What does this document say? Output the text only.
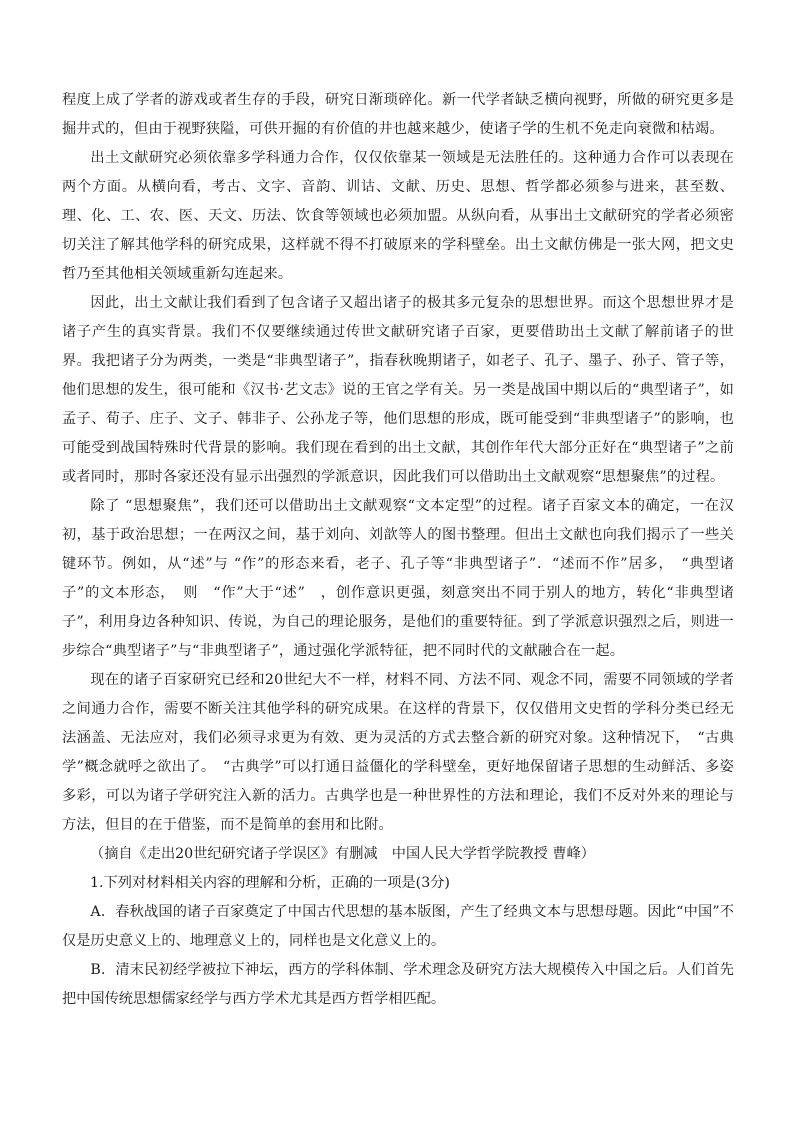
程度上成了学者的游戏或者生存的手段，研究日渐琐碎化。新一代学者缺乏横向视野，所做的研究更多是掘井式的，但由于视野狭隘，可供开掘的有价值的井也越来越少，使诸子学的生机不免走向衰微和枯竭。

出土文献研究必须依靠多学科通力合作，仅仅依靠某一领域是无法胜任的。这种通力合作可以表现在两个方面。从横向看，考古、文字、音韵、训诂、文献、历史、思想、哲学都必须参与进来，甚至数、理、化、工、农、医、天文、历法、饮食等领域也必须加盟。从纵向看，从事出土文献研究的学者必须密切关注了解其他学科的研究成果，这样就不得不打破原来的学科壁垒。出土文献仿佛是一张大网，把文史哲乃至其他相关领域重新勾连起来。

因此，出土文献让我们看到了包含诸子又超出诸子的极其多元复杂的思想世界。而这个思想世界才是诸子产生的真实背景。我们不仅要继续通过传世文献研究诸子百家，更要借助出土文献了解前诸子的世界。我把诸子分为两类，一类是“非典型诸子”，指春秋晚期诸子，如老子、孔子、墨子、孙子、管子等，他们思想的发生，很可能和《汉书·艺文志》说的王官之学有关。另一类是战国中期以后的“典型诸子”，如孟子、荀子、庄子、文子、韩非子、公孙龙子等，他们思想的形成，既可能受到“非典型诸子”的影响，也可能受到战国特殊时代背景的影响。我们现在看到的出土文献，其创作年代大部分正好在“典型诸子”之前或者同时，那时各家还没有显示出强烈的学派意识，因此我们可以借助出土文献观察“思想聚焦”的过程。

除了 “思想聚焦”，我们还可以借助出土文献观察“文本定型”的过程。诸子百家文本的确定，一在汉初，基于政治思想；一在两汉之间，基于刘向、刘歆等人的图书整理。但出土文献也向我们揭示了一些关键环节。例如，从“述”与 “作”的形态来看，老子、孔子等“非典型诸子”．“述而不作”居多，　“典型诸子”的文本形态，　则　“作”大于“述”　，创作意识更强，刻意突出不同于别人的地方，转化“非典型诸子”，利用身边各种知识、传说，为自己的理论服务，是他们的重要特征。到了学派意识强烈之后，则进一步综合“典型诸子”与“非典型诸子”，通过强化学派特征，把不同时代的文献融合在一起。

现在的诸子百家研究已经和20世纪大不一样，材料不同、方法不同、观念不同，需要不同领域的学者之间通力合作，需要不断关注其他学科的研究成果。在这样的背景下，仅仅借用文史哲的学科分类已经无法涵盖、无法应对，我们必须寻求更为有效、更为灵活的方式去整合新的研究对象。这种情况下，　“古典学”概念就呼之欲出了。　“古典学”可以打通日益僵化的学科壁垒，更好地保留诸子思想的生动鲜活、多姿多彩，可以为诸子学研究注入新的活力。古典学也是一种世界性的方法和理论，我们不反对外来的理论与方法，但目的在于借鉴，而不是简单的套用和比附。

（摘自《走出20世纪研究诸子学误区》有删减　中国人民大学哲学院教授 曹峰）

1.下列对材料相关内容的理解和分析，正确的一项是(3分)

A．春秋战国的诸子百家奠定了中国古代思想的基本版图，产生了经典文本与思想母题。因此“中国”不仅是历史意义上的、地理意义上的，同样也是文化意义上的。

B．清末民初经学被拉下神坛，西方的学科体制、学术理念及研究方法大规模传入中国之后。人们首先把中国传统思想儒家经学与西方学术尤其是西方哲学相匹配。
